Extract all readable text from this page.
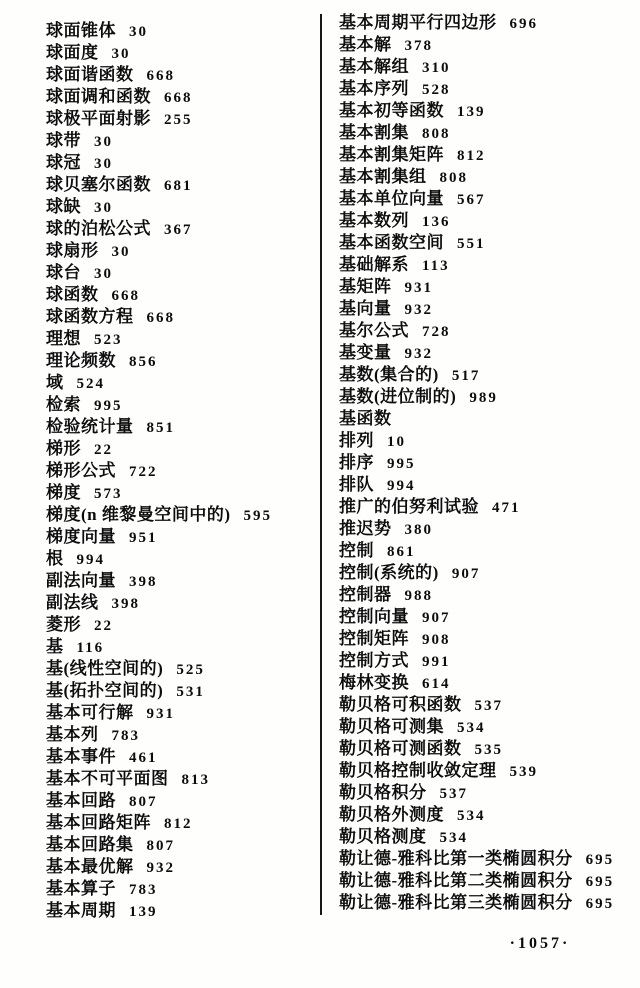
球面锥体 30
球面度 30
球面谐函数 668
球面调和函数 668
球极平面射影 255
球带 30
球冠 30
球贝塞尔函数 681
球缺 30
球的泊松公式 367
球扇形 30
球台 30
球函数 668
球函数方程 668
理想 523
理论频数 856
域 524
检索 995
检验统计量 851
梯形 22
梯形公式 722
梯度 573
梯度(n 维黎曼空间中的) 595
梯度向量 951
根 994
副法向量 398
副法线 398
菱形 22
基 116
基(线性空间的) 525
基(拓扑空间的) 531
基本可行解 931
基本列 783
基本事件 461
基本不可平面图 813
基本回路 807
基本回路矩阵 812
基本回路集 807
基本最优解 932
基本算子 783
基本周期 139
基本周期平行四边形 696
基本解 378
基本解组 310
基本序列 528
基本初等函数 139
基本割集 808
基本割集矩阵 812
基本割集组 808
基本单位向量 567
基本数列 136
基本函数空间 551
基础解系 113
基矩阵 931
基向量 932
基尔公式 728
基变量 932
基数(集合的) 517
基数(进位制的) 989
基函数
排列 10
排序 995
排队 994
推广的伯努利试验 471
推迟势 380
控制 861
控制(系统的) 907
控制器 988
控制向量 907
控制矩阵 908
控制方式 991
梅林变换 614
勒贝格可积函数 537
勒贝格可测集 534
勒贝格可测函数 535
勒贝格控制收敛定理 539
勒贝格积分 537
勒贝格外测度 534
勒贝格测度 534
勒让德-雅科比第一类椭圆积分 695
勒让德-雅科比第二类椭圆积分 695
勒让德-雅科比第三类椭圆积分 695
·1057·
